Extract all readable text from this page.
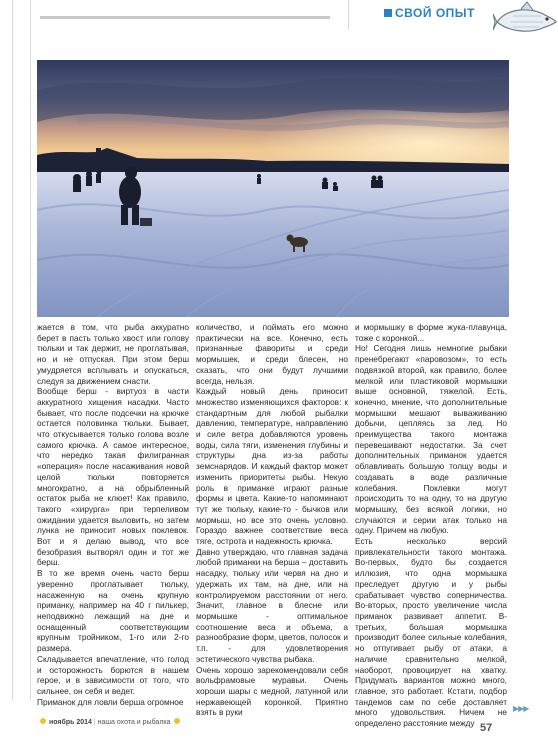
СВОЙ ОПЫТ

жается в том, что рыба аккуратно берет в пасть только хвост или голову тюльки и так держит, не проглатывая, но и не отпуская. При этом берш умудряется всплывать и опускаться, следуя за движением снасти.

Вообще берш - виртуоз в части аккуратного хищения насадки. Часто бывает, что после подсечки на крючке остается половинка тюльки. Бывает, что откусывается только голова возле самого крючка. А самое интересное, что нередко такая филигранная «операция» после насаживания новой целой тюльки повторяется многократно, а на обрыбленный остаток рыба не клюет! Как правило, такого «хирурга» при терпеливом ожидании удается выловить, но затем лунка не приносит новых поклевок. Вот и я делаю вывод, что все безобразия вытворял один и тот же берш.

В то же время очень часто берш уверенно проглатывает тюльку, насаженную на очень крупную приманку, например на 40 г пилькер, неподвижно лежащий на дне и оснащенный соответствующим крупным тройником, 1-го или 2-го размера.

Складывается впечатление, что голод и осторожность борются в нашем герое, и в зависимости от того, что сильнее, он себя и ведет.

Приманок для ловли берша огромное

количество, и поймать его можно практически на все. Конечно, есть признанные фавориты и среди мормышек, и среди блесен, но сказать, что они будут лучшими всегда, нельзя.

Каждый новый день приносит множество изменяющихся факторов: к стандартным для любой рыбалки давлению, температуре, направлению и силе ветра добавляются уровень воды, сила тяги, изменения глубины и структуры дна из-за работы земснарядов. И каждый фактор может изменить приоритеты рыбы. Некую роль в приманке играют разные формы и цвета. Какие-то напоминают тут же тюльку, какие-то - бычков или мормыш, но все это очень условно. Гораздо важнее соответствие веса тяге, острота и надежность крючка.

Давно утверждаю, что главная задача любой приманки на берша – доставить насадку, тюльку или червя на дно и удержать их там, на дне, или на контролируемом расстоянии от него. Значит, главное в блесне или мормышке - оптимальное соотношение веса и объема, а разнообразие форм, цветов, полосок и т.п. - для удовлетворения эстетического чувства рыбака.

Очень хорошо зарекомендовали себя вольфрамовые муравьи. Очень хороши шары с медной, латунной или нержавеющей коронкой. Приятно взять в руки

и мормышку в форме жука-плавунца, тоже с коронкой...

Но! Сегодня лишь немногие рыбаки пренебрегают «паровозом», то есть подвязкой второй, как правило, более мелкой или пластиковой мормышки выше основной, тяжелой. Есть, конечно, мнение, что дополнительные мормышки мешают вываживанию добычи, цепляясь за лед. Но преимущества такого монтажа перевешивают недостатки. За счет дополнительных приманок удается облавливать большую толщу воды и создавать в воде различные колебания. Поклевки могут происходить то на одну, то на другую мормышку, без всякой логики, но случаются и серии атак только на одну. Причем на любую.

Есть несколько версий привлекательности такого монтажа. Во-первых, будто бы создается иллюзия, что одна мормышка преследует другую и у рыбы срабатывает чувство соперничества. Во-вторых, просто увеличение числа приманок развивает аппетит. В-третьих, большая мормышка производит более сильные колебания, но отпугивает рыбу от атаки, а наличие сравнительно мелкой, наоборот, провоцирует на хватку. Придумать вариантов можно много, главное, это работает. Кстати, подбор тандемов сам по себе доставляет много удовольствия. Ничем не определено расстояние между

▶▶▶
ноябрь 2014 | наша охота и рыбалка	57
